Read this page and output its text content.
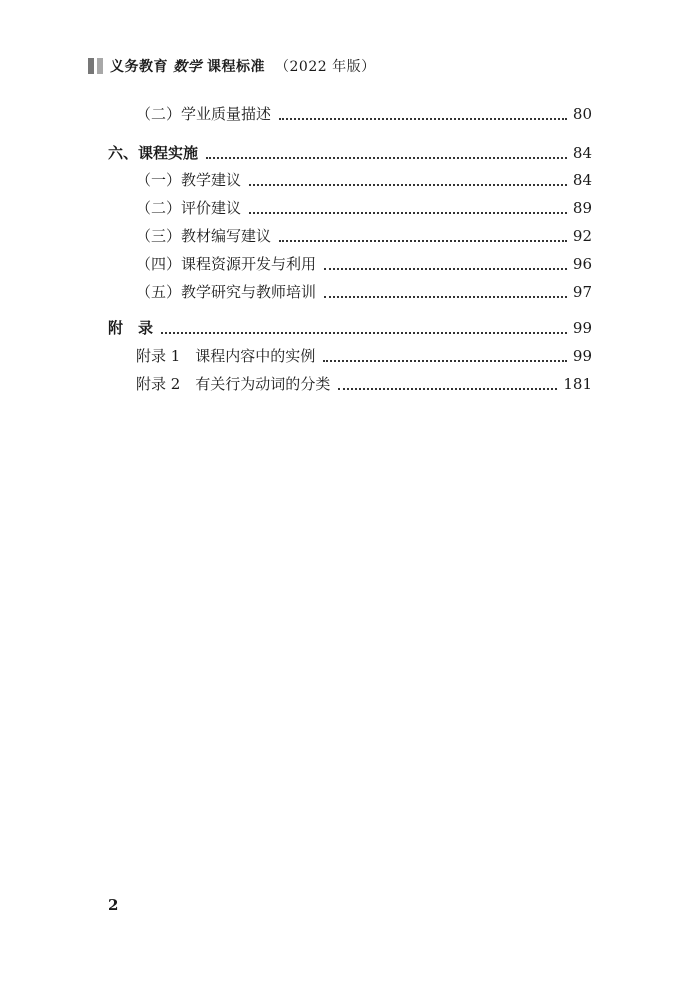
义务教育 数学 课程标准 （2022 年版）
（二）学业质量描述	80
六、课程实施	84
（一）教学建议	84
（二）评价建议	89
（三）教材编写建议	92
（四）课程资源开发与利用	96
（五）教学研究与教师培训	97
附　录	99
附录 1　课程内容中的实例	99
附录 2　有关行为动词的分类	181
2
